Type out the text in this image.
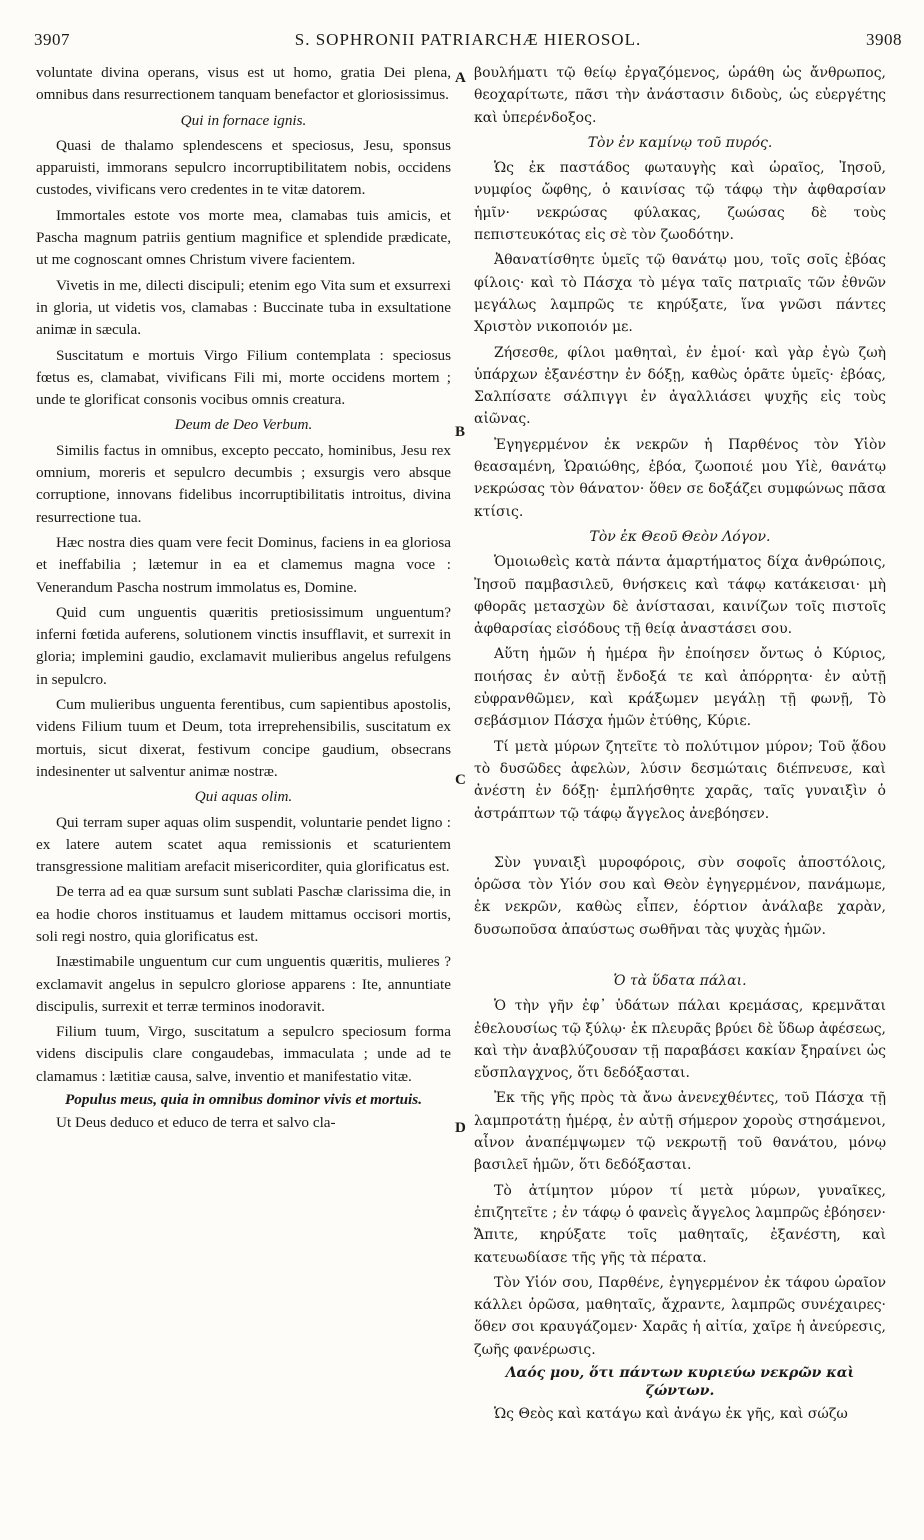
3907	S. SOPHRONII PATRIARCHÆ HIEROSOL.	3908

voluntate divina operans, visus est ut homo, gratia Dei plena, omnibus dans resurrectionem tanquam benefactor et gloriosissimus.

Qui in fornace ignis.

Quasi de thalamo splendescens et speciosus, Jesu, sponsus apparuisti, immorans sepulcro incorruptibilitatem nobis, occidens custodes, vivificans vero credentes in te vitæ datorem.

Immortales estote vos morte mea, clamabas tuis amicis, et Pascha magnum patriis gentium magnifice et splendide prædicate, ut me cognoscant omnes Christum vivere facientem.

Vivetis in me, dilecti discipuli; etenim ego Vita sum et exsurrexi in gloria, ut videtis vos, clamabas : Buccinate tuba in exsultatione animæ in sæcula.

Suscitatum e mortuis Virgo Filium contemplata : speciosus fœtus es, clamabat, vivificans Fili mi, morte occidens mortem ; unde te glorificat consonis vocibus omnis creatura.

Deum de Deo Verbum.

Similis factus in omnibus, excepto peccato, hominibus, Jesu rex omnium, moreris et sepulcro decumbis ; exsurgis vero absque corruptione, innovans fidelibus incorruptibilitatis introitus, divina resurrectione tua.

Hæc nostra dies quam vere fecit Dominus, faciens in ea gloriosa et ineffabilia ; lætemur in ea et clamemus magna voce : Venerandum Pascha nostrum immolatus es, Domine.

Quid cum unguentis quæritis pretiosissimum unguentum? inferni fœtida auferens, solutionem vinctis insufflavit, et surrexit in gloria; implemini gaudio, exclamavit mulieribus angelus refulgens in sepulcro.

Cum mulieribus unguenta ferentibus, cum sapientibus apostolis, videns Filium tuum et Deum, tota irreprehensibilis, suscitatum ex mortuis, sicut dixerat, festivum concipe gaudium, obsecrans indesinenter ut salventur animæ nostræ.

Qui aquas olim.

Qui terram super aquas olim suspendit, voluntarie pendet ligno : ex latere autem scatet aqua remissionis et scaturientem transgressione malitiam arefacit misericorditer, quia glorificatus est.

De terra ad ea quæ sursum sunt sublati Paschæ clarissima die, in ea hodie choros instituamus et laudem mittamus occisori mortis, soli regi nostro, quia glorificatus est.

Inæstimabile unguentum cur cum unguentis quæritis, mulieres ? exclamavit angelus in sepulcro gloriose apparens : Ite, annuntiate discipulis, surrexit et terræ terminos inodoravit.

Filium tuum, Virgo, suscitatum a sepulcro speciosum forma videns discipulis clare congaudebas, immaculata ; unde ad te clamamus : lætitiæ causa, salve, inventio et manifestatio vitæ.

Populus meus, quia in omnibus dominor vivis et mortuis.

Ut Deus deduco et educo de terra et salvo cla-

A
B
C
D

βουλήματι τῷ θείῳ ἐργαζόμενος, ὡράθη ὡς ἄνθρωπος, θεοχαρίτωτε, πᾶσι τὴν ἀνάστασιν διδοὺς, ὡς εὐεργέτης καὶ ὑπερένδοξος.

Τὸν ἐν καμίνῳ τοῦ πυρός.

Ὡς ἐκ παστάδος φωταυγὴς καὶ ὡραῖος, Ἰησοῦ, νυμφίος ὤφθης, ὁ καινίσας τῷ τάφῳ τὴν ἀφθαρσίαν ἡμῖν· νεκρώσας φύλακας, ζωώσας δὲ τοὺς πεπιστευκότας εἰς σὲ τὸν ζωοδότην.

Ἀθανατίσθητε ὑμεῖς τῷ θανάτῳ μου, τοῖς σοῖς ἐβόας φίλοις· καὶ τὸ Πάσχα τὸ μέγα ταῖς πατριαῖς τῶν ἐθνῶν μεγάλως λαμπρῶς τε κηρύξατε, ἵνα γνῶσι πάντες Χριστὸν νικοποιόν με.

Ζήσεσθε, φίλοι μαθηταὶ, ἐν ἐμοί· καὶ γὰρ ἐγὼ ζωὴ ὑπάρχων ἐξανέστην ἐν δόξῃ, καθὼς ὁρᾶτε ὑμεῖς· ἐβόας, Σαλπίσατε σάλπιγγι ἐν ἀγαλλιάσει ψυχῆς εἰς τοὺς αἰῶνας.

Ἐγηγερμένον ἐκ νεκρῶν ἡ Παρθένος τὸν Υἱὸν θεασαμένη, Ὡραιώθης, ἐβόα, ζωοποιέ μου Υἱὲ, θανάτῳ νεκρώσας τὸν θάνατον· ὅθεν σε δοξάζει συμφώνως πᾶσα κτίσις.

Τὸν ἐκ Θεοῦ Θεὸν Λόγον.

Ὁμοιωθεὶς κατὰ πάντα ἁμαρτήματος δίχα ἀνθρώποις, Ἰησοῦ παμβασιλεῦ, θνήσκεις καὶ τάφῳ κατάκεισαι· μὴ φθορᾶς μετασχὼν δὲ ἀνίστασαι, καινίζων τοῖς πιστοῖς ἀφθαρσίας εἰσόδους τῇ θείᾳ ἀναστάσει σου.

Αὕτη ἡμῶν ἡ ἡμέρα ἣν ἐποίησεν ὄντως ὁ Κύριος, ποιήσας ἐν αὐτῇ ἔνδοξά τε καὶ ἀπόρρητα· ἐν αὐτῇ εὐφρανθῶμεν, καὶ κράξωμεν μεγάλῃ τῇ φωνῇ, Τὸ σεβάσμιον Πάσχα ἡμῶν ἐτύθης, Κύριε.

Τί μετὰ μύρων ζητεῖτε τὸ πολύτιμον μύρον; Τοῦ ᾅδου τὸ δυσῶδες ἀφελὼν, λύσιν δεσμώταις διέπνευσε, καὶ ἀνέστη ἐν δόξῃ· ἐμπλήσθητε χαρᾶς, ταῖς γυναιξὶν ὁ ἀστράπτων τῷ τάφῳ ἄγγελος ἀνεβόησεν.

Σὺν γυναιξὶ μυροφόροις, σὺν σοφοῖς ἀποστόλοις, ὁρῶσα τὸν Υἱόν σου καὶ Θεὸν ἐγηγερμένον, πανάμωμε, ἐκ νεκρῶν, καθὼς εἶπεν, ἑόρτιον ἀνάλαβε χαρὰν, δυσωποῦσα ἀπαύστως σωθῆναι τὰς ψυχὰς ἡμῶν.

Ὁ τὰ ὕδατα πάλαι.

Ὁ τὴν γῆν ἐφ᾽ ὑδάτων πάλαι κρεμάσας, κρεμνᾶται ἐθελουσίως τῷ ξύλῳ· ἐκ πλευρᾶς βρύει δὲ ὕδωρ ἀφέσεως, καὶ τὴν ἀναβλύζουσαν τῇ παραβάσει κακίαν ξηραίνει ὡς εὔσπλαγχνος, ὅτι δεδόξασται.

Ἐκ τῆς γῆς πρὸς τὰ ἄνω ἀνενεχθέντες, τοῦ Πάσχα τῇ λαμπροτάτῃ ἡμέρᾳ, ἐν αὐτῇ σήμερον χοροὺς στησάμενοι, αἶνον ἀναπέμψωμεν τῷ νεκρωτῇ τοῦ θανάτου, μόνῳ βασιλεῖ ἡμῶν, ὅτι δεδόξασται.

Τὸ ἀτίμητον μύρον τί μετὰ μύρων, γυναῖκες, ἐπιζητεῖτε ; ἐν τάφῳ ὁ φανεὶς ἄγγελος λαμπρῶς ἐβόησεν· Ἄπιτε, κηρύξατε τοῖς μαθηταῖς, ἐξανέστη, καὶ κατευωδίασε τῆς γῆς τὰ πέρατα.

Τὸν Υἱόν σου, Παρθένε, ἐγηγερμένον ἐκ τάφου ὡραῖον κάλλει ὁρῶσα, μαθηταῖς, ἄχραντε, λαμπρῶς συνέχαιρες· ὅθεν σοι κραυγάζομεν· Χαρᾶς ἡ αἰτία, χαῖρε ἡ ἀνεύρεσις, ζωῆς φανέρωσις.

Λαός μου, ὅτι πάντων κυριεύω νεκρῶν καὶ ζώντων.

Ὡς Θεὸς καὶ κατάγω καὶ ἀνάγω ἐκ γῆς, καὶ σώζω
